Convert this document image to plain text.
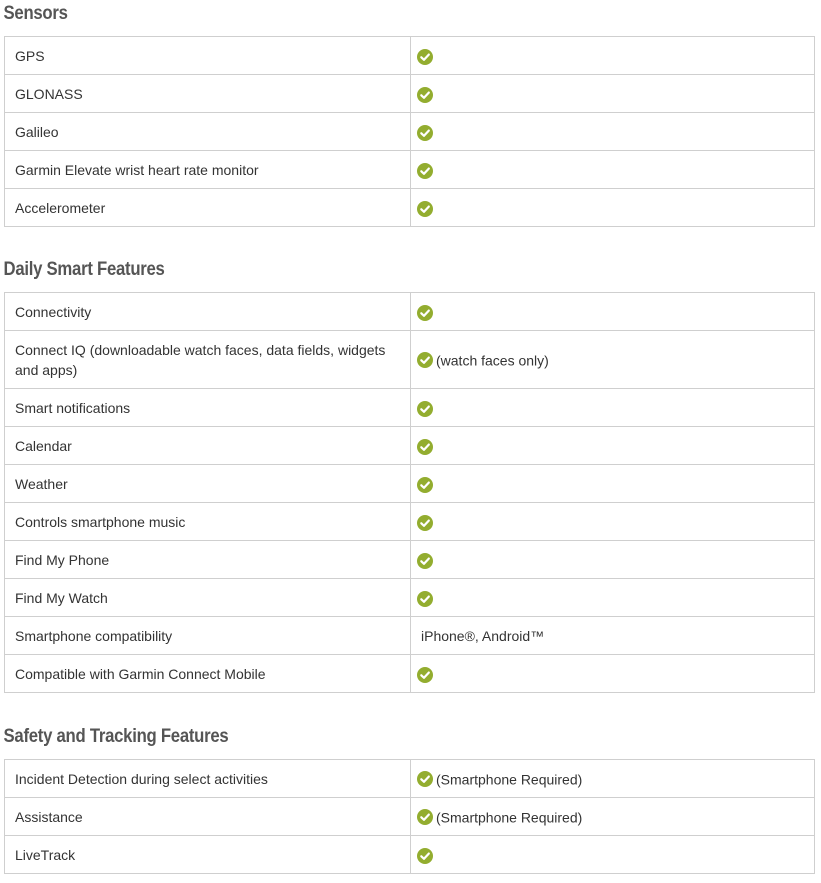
Sensors
GPS	

GLONASS	

Galileo	

Garmin Elevate wrist heart rate monitor	

Accelerometer	
Daily Smart Features
Connectivity	

Connect IQ (downloadable watch faces, data fields, widgets and apps)	(watch faces only)
Smart notifications	

Calendar	

Weather	

Controls smartphone music	

Find My Phone	

Find My Watch	

Smartphone compatibility	iPhone®, Android™
Compatible with Garmin Connect Mobile	
Safety and Tracking Features
Incident Detection during select activities	(Smartphone Required)
Assistance	(Smartphone Required)
LiveTrack	
